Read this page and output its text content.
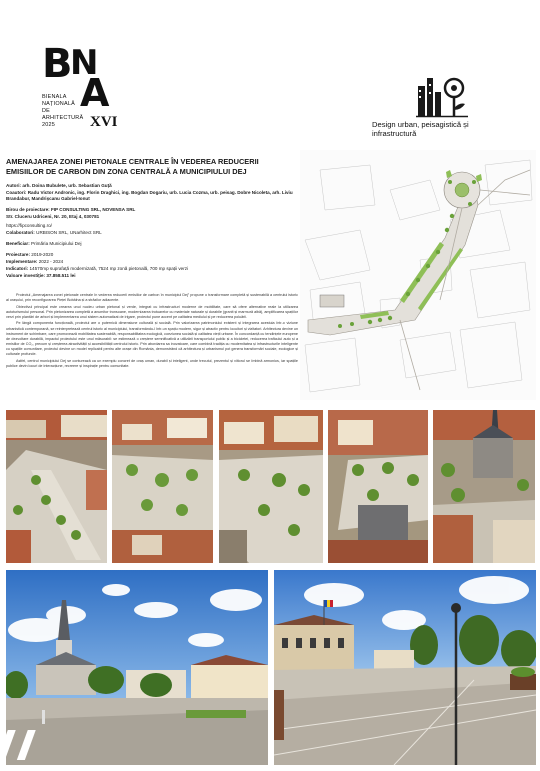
B
N
A
BIENALA
NAȚIONALĂ
DE
ARHITECTURĂ
2025	XVI	Design urban, peisagistică și infrastructură
AMENAJAREA ZONEI PIETONALE CENTRALE ÎN VEDEREA REDUCERII EMISIILOR DE CARBON DIN ZONA CENTRALĂ A MUNICIPIULUI DEJ

Autori: arh. Doina Bubulete, urb. Sebastian Guță

Coautori: Radu Victor Andronic, ing. Florin Draghici, ing. Bogdan Dogariu, urb. Lucia Cozma, urb. peisag. Dobre Nicoleta, arh. Liviu Brandabur, Mandrișcanu Gabriel-Ionut

Birou de proiectare: FIP CONSULTING SRL, NOVENSA SRL

Str. Cluceru Udriceni, Nr. 20, Etaj 4, 030781

https://fipconsulting.ro/

Colaboratori: URBISON SRL, UNarhitect SRL

Beneficiar: Primăria Municipiului Dej

Proiectare: 2019-2020

Implementare: 2022 - 2024

Indicatori: 14570mp suprafață modernizată, 7524 mp zonă pietonală, 700 mp spații verzi

Valoare investiție: 37.858.511 lei

Proiectul „Amenajarea zonei pietonale centrale în vederea reducerii emisiilor de carbon în municipiul Dej” propune o transformare completă și sustenabilă a centrului istoric al orașului, prin reconfigurarea Pieței Bobâlna și a străzilor adiacente.

Obiectivul principal este crearea unui nucleu urban pietonal și verde, integrat cu infrastructuri moderne de mobilitate, care să ofere alternative reale la utilizarea autoturismului personal. Prin pietonizarea completă a anumitor tronsoane, modernizarea trotuarelor cu materiale naturale și durabile (granit și marmură albă), amplificarea spațiilor verzi prin plantări de arbori și implementarea unui sistem automatizat de irigare, proiectul pune accent pe calitatea mediului și pe reducerea poluării.

Pe lângă componenta funcțională, proiectul are o puternică dimensiune culturală și socială. Prin valorizarea patrimoniului existent și integrarea acestuia într-o viziune urbanistică contemporană, se reinterpretează centrul istoric al municipiului, transformându-l într-un spațiu modern, sigur și atractiv pentru locuitori și vizitatori. Arhitectura devine un instrument de schimbare, care promovează mobilitatea sustenabilă, responsabilitatea ecologică, coeziunea socială și calitatea vieții urbane. În concordanță cu tendințele europene de dezvoltare durabilă, impactul proiectului este unul măsurabil: se estimează o creștere semnificativă a utilizării transportului public și a bicicletei, reducerea traficului auto și a emisiilor de CO₂, precum și creșterea atractivității și accesibilității centrului istoric. Prin abordarea sa inovatoare, care combină tradiția cu modernitatea și infrastructurile inteligente cu spațiile comunitare, proiectul devine un model replicabil pentru alte orașe din România, demonstrând că arhitectura și urbanismul pot genera transformări sociale, ecologice și culturale profunde.

Astfel, centrul municipiului Dej se conturează ca un exemplu concret de oraș uman, durabil și inteligent, unde trecutul, prezentul și viitorul se îmbină armonios, iar spațiile publice devin locuri de interacțiune, recreere și inspirație pentru comunitate.
